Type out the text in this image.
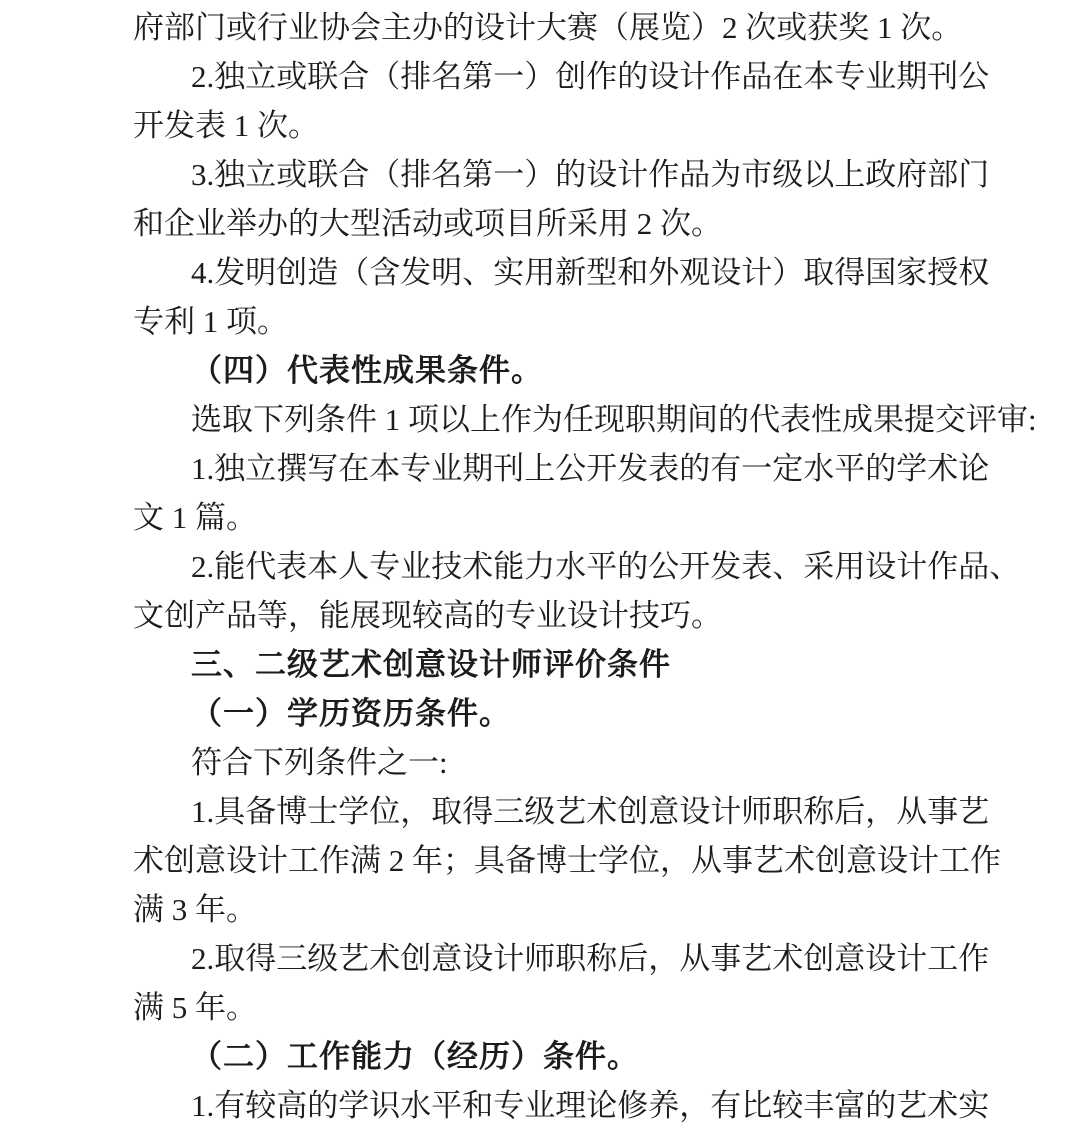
府部门或行业协会主办的设计大赛（展览）2 次或获奖 1 次。
2.独立或联合（排名第一）创作的设计作品在本专业期刊公
开发表 1 次。
3.独立或联合（排名第一）的设计作品为市级以上政府部门
和企业举办的大型活动或项目所采用 2 次。
4.发明创造（含发明、实用新型和外观设计）取得国家授权
专利 1 项。
（四）代表性成果条件。
选取下列条件 1 项以上作为任现职期间的代表性成果提交评审:
1.独立撰写在本专业期刊上公开发表的有一定水平的学术论
文 1 篇。
2.能代表本人专业技术能力水平的公开发表、采用设计作品、
文创产品等，能展现较高的专业设计技巧。
三、二级艺术创意设计师评价条件
（一）学历资历条件。
符合下列条件之一:
1.具备博士学位，取得三级艺术创意设计师职称后，从事艺
术创意设计工作满 2 年；具备博士学位，从事艺术创意设计工作
满 3 年。
2.取得三级艺术创意设计师职称后，从事艺术创意设计工作
满 5 年。
（二）工作能力（经历）条件。
1.有较高的学识水平和专业理论修养，有比较丰富的艺术实
